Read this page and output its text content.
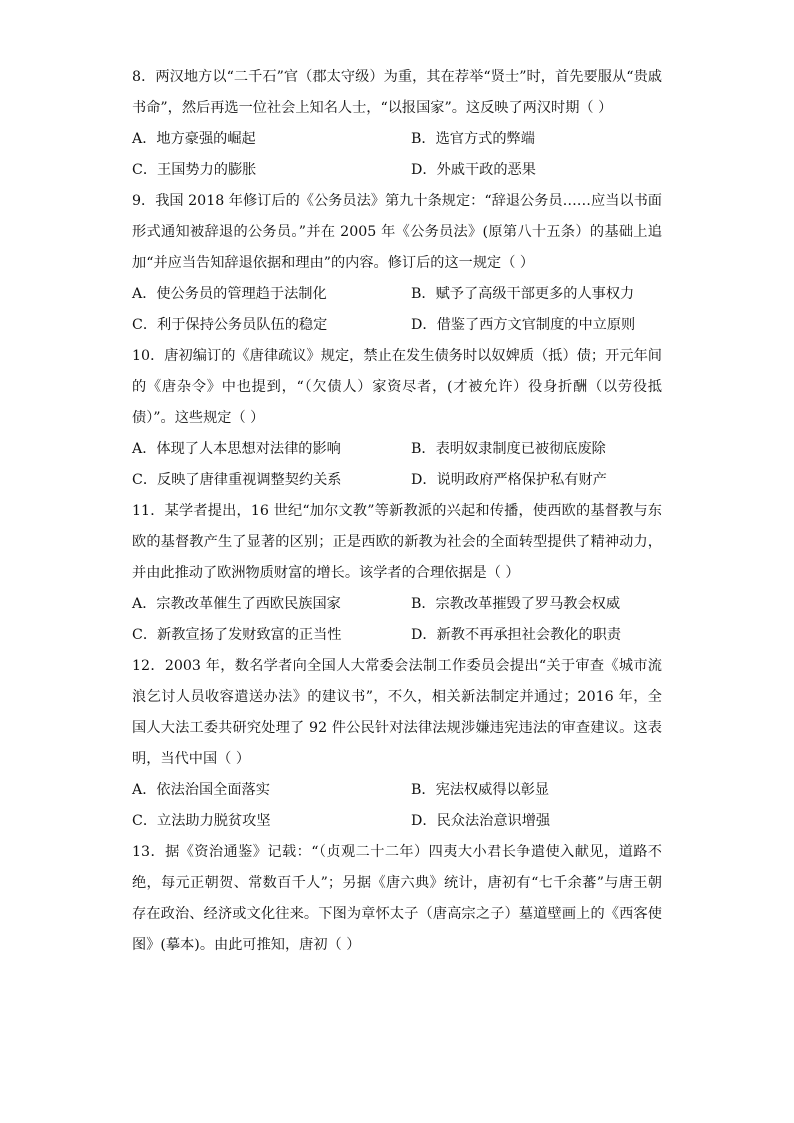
8．两汉地方以“二千石”官（郡太守级）为重，其在荐举“贤士”时，首先要服从“贵戚书命”，然后再选一位社会上知名人士，“以报国家”。这反映了两汉时期（ ）

A．地方豪强的崛起	B．选官方式的弊端
C．王国势力的膨胀	D．外戚干政的恶果

9．我国 2018 年修订后的《公务员法》第九十条规定：“辞退公务员……应当以书面形式通知被辞退的公务员。”并在 2005 年《公务员法》(原第八十五条）的基础上追加“并应当告知辞退依据和理由”的内容。修订后的这一规定（ ）

A．使公务员的管理趋于法制化	B．赋予了高级干部更多的人事权力
C．利于保持公务员队伍的稳定	D．借鉴了西方文官制度的中立原则

10．唐初编订的《唐律疏议》规定，禁止在发生债务时以奴婢质（抵）债；开元年间的《唐杂令》中也提到，“（欠债人）家资尽者，(才被允许）役身折酬（以劳役抵债）”。这些规定（ ）

A．体现了人本思想对法律的影响	B．表明奴隶制度已被彻底废除
C．反映了唐律重视调整契约关系	D．说明政府严格保护私有财产

11．某学者提出，16 世纪“加尔文教”等新教派的兴起和传播，使西欧的基督教与东欧的基督教产生了显著的区别；正是西欧的新教为社会的全面转型提供了精神动力，并由此推动了欧洲物质财富的增长。该学者的合理依据是（ ）

A．宗教改革催生了西欧民族国家	B．宗教改革摧毁了罗马教会权威
C．新教宣扬了发财致富的正当性	D．新教不再承担社会教化的职责

12．2003 年，数名学者向全国人大常委会法制工作委员会提出“关于审查《城市流浪乞讨人员收容遣送办法》的建议书”，不久，相关新法制定并通过；2016 年，全国人大法工委共研究处理了 92 件公民针对法律法规涉嫌违宪违法的审查建议。这表明，当代中国（ ）

A．依法治国全面落实	B．宪法权威得以彰显
C．立法助力脱贫攻坚	D．民众法治意识增强

13．据《资治通鉴》记载：“（贞观二十二年）四夷大小君长争遣使入献见，道路不绝，每元正朝贺、常数百千人”；另据《唐六典》统计，唐初有“七千余蕃”与唐王朝存在政治、经济或文化往来。下图为章怀太子（唐高宗之子）墓道壁画上的《西客使图》(摹本)。由此可推知，唐初（ ）
